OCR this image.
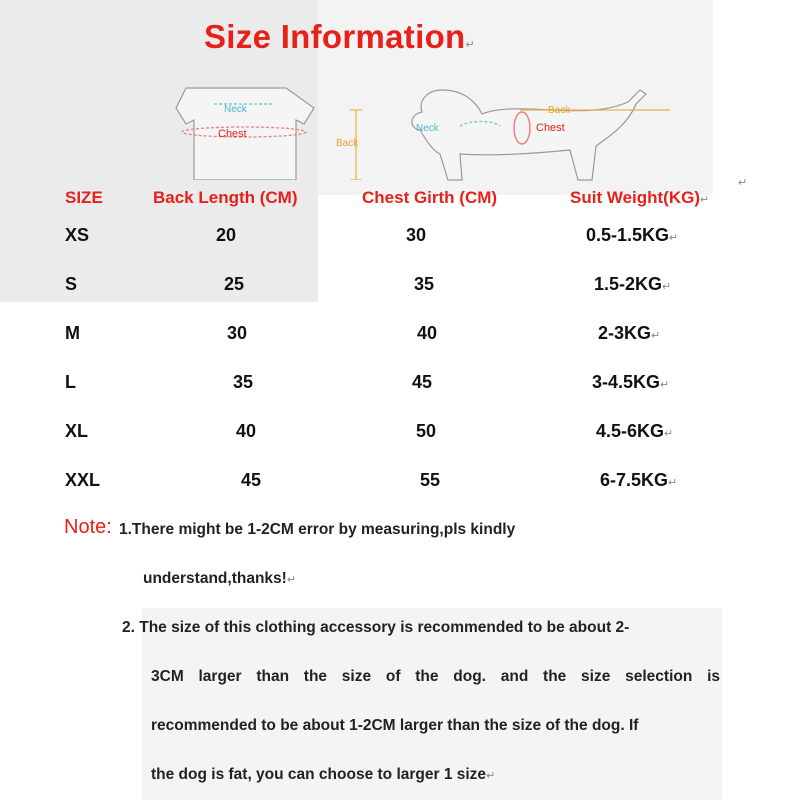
Size Information↵
Neck
Chest
Back
Back
Neck	Chest
↵
SIZE	Back Length (CM)	Chest Girth (CM)	Suit Weight(KG)↵
XS	20	30	0.5-1.5KG↵
S	25	35	1.5-2KG↵
M	30	40	2-3KG↵
L	35	45	3-4.5KG↵
XL	40	50	4.5-6KG↵
XXL	45	55	6-7.5KG↵
Note: 1.There might be 1-2CM error by measuring,pls kindly
understand,thanks!↵
2. The size of this clothing accessory is recommended to be about 2-
3CM larger than the size of the dog. and the size selection is
recommended to be about 1-2CM larger than the size of the dog. If
the dog is fat, you can choose to larger 1 size↵
